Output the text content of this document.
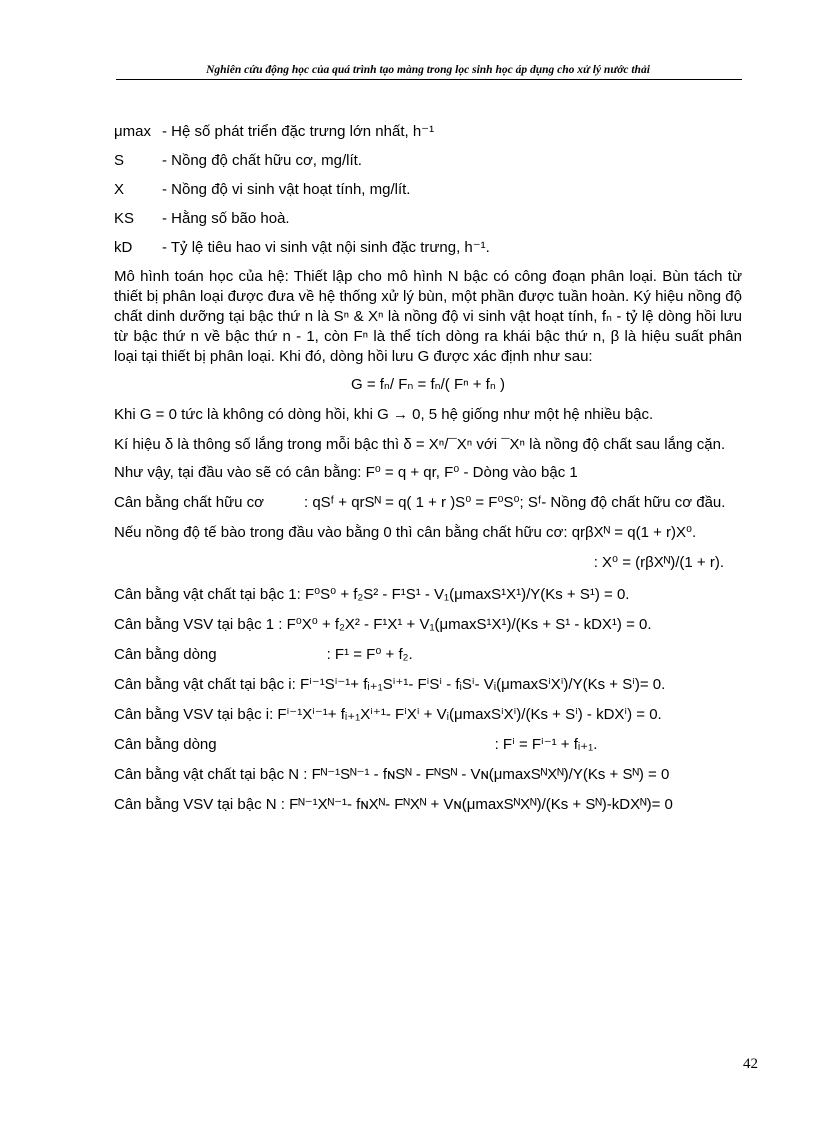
Nghiên cứu động học của quá trình tạo màng trong lọc sinh học áp dụng cho xử lý nước thải
μmax - Hệ số phát triển đặc trưng lớn nhất, h⁻¹
S	- Nồng độ chất hữu cơ, mg/lít.
X	- Nồng độ vi sinh vật hoạt tính, mg/lít.
KS - Hằng số bão hoà.
kD - Tỷ lệ tiêu hao vi sinh vật nội sinh đặc trưng, h⁻¹.

Mô hình toán học của hệ: Thiết lập cho mô hình N bậc có công đoạn phân loại. Bùn tách từ thiết bị phân loại được đưa về hệ thống xử lý bùn, một phần được tuần hoàn. Ký hiệu nồng độ chất dinh dưỡng tại bậc thứ n là Sⁿ & Xⁿ là nồng độ vi sinh vật hoạt tính, fₙ - tỷ lệ dòng hồi lưu từ bậc thứ n về bậc thứ n - 1, còn Fⁿ là thể tích dòng ra khái bậc thứ n, β là hiệu suất phân loại tại thiết bị phân loại. Khi đó, dòng hồi lưu G được xác định như sau:

G = fₙ/ Fₙ = fₙ/( Fⁿ + fₙ )
Khi G = 0 tức là không có dòng hồi, khi G → 0, 5 hệ giống như một hệ nhiều bậc.

Kí hiệu δ là thông số lắng trong mỗi bậc thì δ = Xⁿ/¯Xⁿ với ¯Xⁿ là nồng độ chất sau lắng cặn.

Như vậy, tại đầu vào sẽ có cân bằng: F⁰ = q + qr, F⁰ - Dòng vào bậc 1
Cân bằng chất hữu cơ	: qSᶠ + qrSᴺ = q( 1 + r )S⁰ = F⁰S⁰; Sᶠ- Nồng độ chất hữu cơ đầu.
Nếu nồng độ tế bào trong đầu vào bằng 0 thì cân bằng chất hữu cơ: qrβXᴺ = q(1 + r)X⁰.
: X⁰ = (rβXᴺ)/(1 + r).
Cân bằng vật chất tại bậc 1: F⁰S⁰ + f₂S² - F¹S¹ - V₁(μmaxS¹X¹)/Y(Ks + S¹) = 0.
Cân bằng VSV tại bậc 1 : F⁰X⁰ + f₂X² - F¹X¹ + V₁(μmaxS¹X¹)/(Ks + S¹ - kDX¹) = 0.
Cân bằng dòng	: F¹ = F⁰ + f₂.
Cân bằng vật chất tại bậc i: Fⁱ⁻¹Sⁱ⁻¹+ fᵢ₊₁Sⁱ⁺¹- FⁱSⁱ - fᵢSⁱ- Vᵢ(μmaxSⁱXⁱ)/Y(Ks + Sⁱ)= 0.
Cân bằng VSV tại bậc i: Fⁱ⁻¹Xⁱ⁻¹+ fᵢ₊₁Xⁱ⁺¹- FⁱXⁱ + Vᵢ(μmaxSⁱXⁱ)/(Ks + Sⁱ) - kDXⁱ) = 0.
Cân bằng dòng	: Fⁱ = Fⁱ⁻¹ + fᵢ₊₁.
Cân bằng vật chất tại bậc N : Fᴺ⁻¹Sᴺ⁻¹ - fɴSᴺ - FᴺSᴺ - Vɴ(μmaxSᴺXᴺ)/Y(Ks + Sᴺ) = 0
Cân bằng VSV tại bậc N : Fᴺ⁻¹Xᴺ⁻¹- fɴXᴺ- FᴺXᴺ + Vɴ(μmaxSᴺXᴺ)/(Ks + Sᴺ)-kDXᴺ)= 0
42
